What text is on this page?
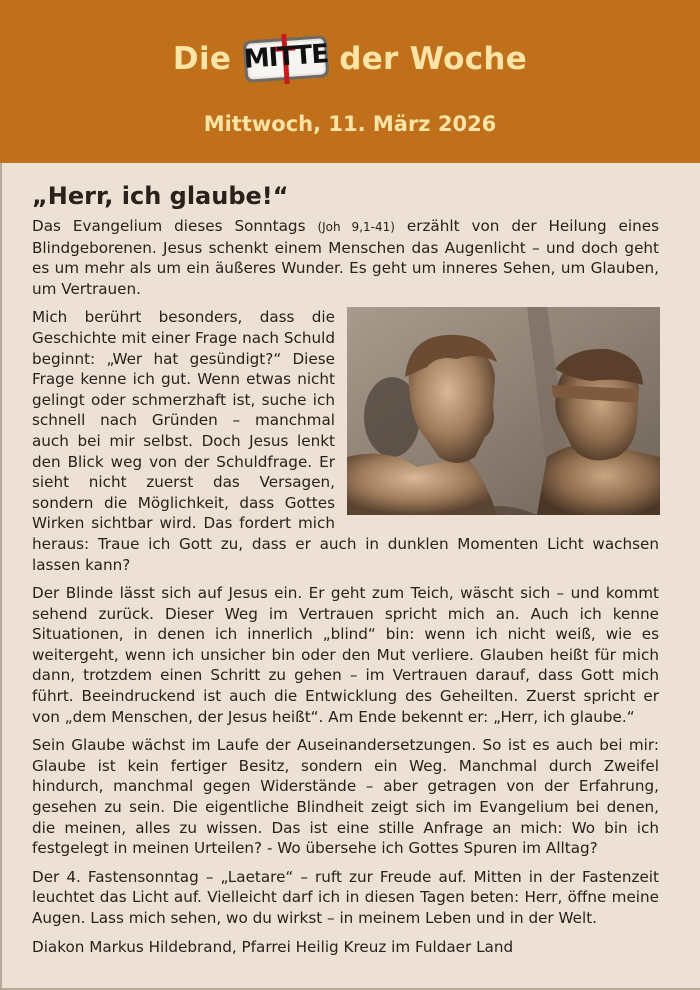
Die MITTE der Woche
Mittwoch, 11. März 2026
„Herr, ich glaube!“

Das Evangelium dieses Sonntags (Joh 9,1-41) erzählt von der Heilung eines Blindgeborenen. Jesus schenkt einem Menschen das Augenlicht – und doch geht es um mehr als um ein äußeres Wunder. Es geht um inneres Sehen, um Glauben, um Vertrauen.

Mich berührt besonders, dass die Geschichte mit einer Frage nach Schuld beginnt: „Wer hat gesündigt?“ Diese Frage kenne ich gut. Wenn etwas nicht gelingt oder schmerzhaft ist, suche ich schnell nach Gründen – manchmal auch bei mir selbst. Doch Jesus lenkt den Blick weg von der Schuldfrage. Er sieht nicht zuerst das Versagen, sondern die Möglichkeit, dass Gottes Wirken sichtbar wird. Das fordert mich heraus: Traue ich Gott zu, dass er auch in dunklen Momenten Licht wachsen lassen kann?

Der Blinde lässt sich auf Jesus ein. Er geht zum Teich, wäscht sich – und kommt sehend zurück. Dieser Weg im Vertrauen spricht mich an. Auch ich kenne Situationen, in denen ich innerlich „blind“ bin: wenn ich nicht weiß, wie es weitergeht, wenn ich unsicher bin oder den Mut verliere. Glauben heißt für mich dann, trotzdem einen Schritt zu gehen – im Vertrauen darauf, dass Gott mich führt. Beeindruckend ist auch die Entwicklung des Geheilten. Zuerst spricht er von „dem Menschen, der Jesus heißt“. Am Ende bekennt er: „Herr, ich glaube.“

Sein Glaube wächst im Laufe der Auseinandersetzungen. So ist es auch bei mir: Glaube ist kein fertiger Besitz, sondern ein Weg. Manchmal durch Zweifel hindurch, manchmal gegen Widerstände – aber getragen von der Erfahrung, gesehen zu sein. Die eigentliche Blindheit zeigt sich im Evangelium bei denen, die meinen, alles zu wissen. Das ist eine stille Anfrage an mich: Wo bin ich festgelegt in meinen Urteilen? - Wo übersehe ich Gottes Spuren im Alltag?

Der 4. Fastensonntag – „Laetare“ – ruft zur Freude auf. Mitten in der Fastenzeit leuchtet das Licht auf. Vielleicht darf ich in diesen Tagen beten: Herr, öffne meine Augen. Lass mich sehen, wo du wirkst – in meinem Leben und in der Welt.

Diakon Markus Hildebrand, Pfarrei Heilig Kreuz im Fuldaer Land
